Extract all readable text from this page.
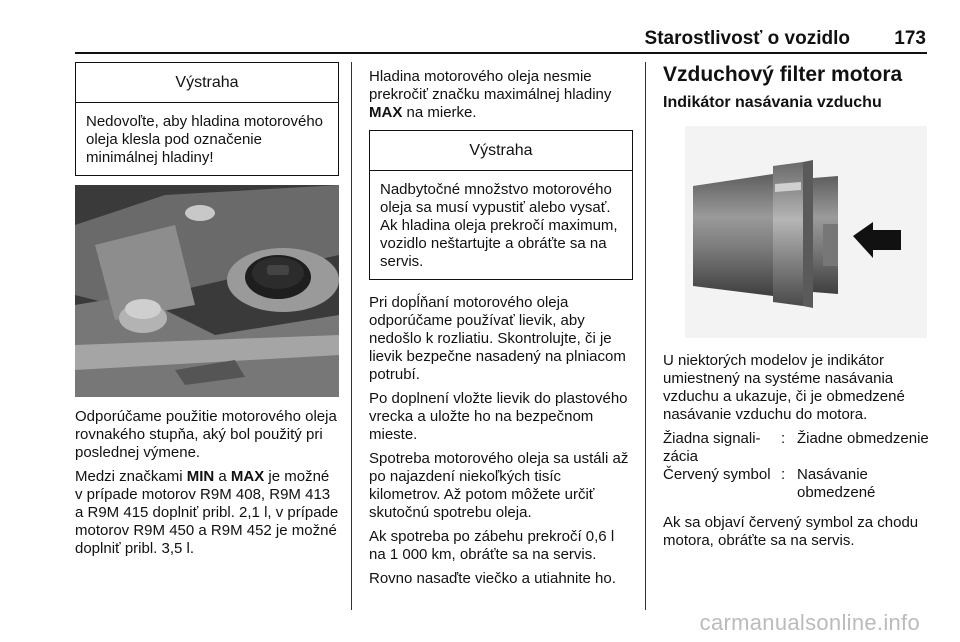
Starostlivosť o vozidlo 173
Výstraha
Nedovoľte, aby hladina motorového oleja klesla pod označenie minimálnej hladiny!

Odporúčame použitie motorového oleja rovnakého stupňa, aký bol použitý pri poslednej výmene.

Medzi značkami MIN a MAX je možné v prípade motorov R9M 408, R9M 413 a R9M 415 doplniť pribl. 2,1 l, v prípade motorov R9M 450 a R9M 452 je možné doplniť pribl. 3,5 l.

Hladina motorového oleja nesmie prekročiť značku maximálnej hladiny MAX na mierke.

Výstraha
Nadbytočné množstvo motorového oleja sa musí vypustiť alebo vysať. Ak hladina oleja prekročí maximum, vozidlo neštartujte a obráťte sa na servis.

Pri dopĺňaní motorového oleja odporúčame používať lievik, aby nedošlo k rozliatiu. Skontrolujte, či je lievik bezpečne nasadený na plniacom potrubí.

Po doplnení vložte lievik do plastového vrecka a uložte ho na bezpečnom mieste.

Spotreba motorového oleja sa ustáli až po najazdení niekoľkých tisíc kilometrov. Až potom môžete určiť skutočnú spotrebu oleja.

Ak spotreba po zábehu prekročí 0,6 l na 1 000 km, obráťte sa na servis.

Rovno nasaďte viečko a utiahnite ho.

Vzduchový filter motora
Indikátor nasávania vzduchu

U niektorých modelov je indikátor umiestnený na systéme nasávania vzduchu a ukazuje, či je obmedzené nasávanie vzduchu do motora.

Žiadna signali-zácia
: Žiadne obmedzenie
Červený symbol : Nasávanie obmedzené

Ak sa objaví červený symbol za chodu motora, obráťte sa na servis.

carmanualsonline.info
